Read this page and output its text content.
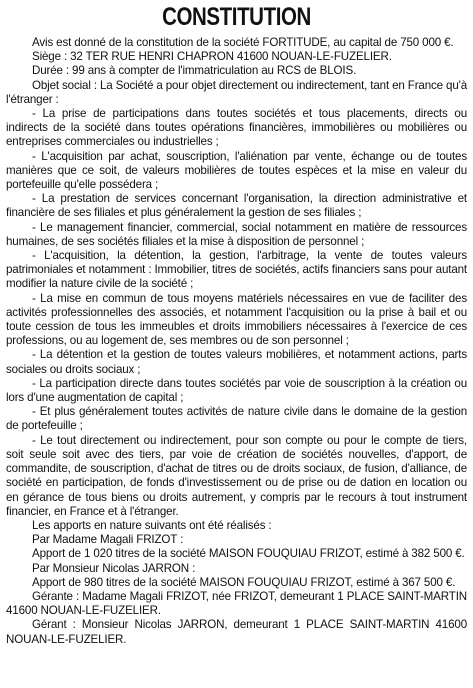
CONSTITUTION

Avis est donné de la constitution de la société FORTITUDE, au capital de 750 000 €.

Siège : 32 TER RUE HENRI CHAPRON 41600 NOUAN-LE-FUZELIER.

Durée : 99 ans à compter de l'immatriculation au RCS de BLOIS.

Objet social : La Société a pour objet directement ou indirectement, tant en France qu'à l'étranger :

- La prise de participations dans toutes sociétés et tous placements, directs ou indirects de la société dans toutes opérations financières, immobilières ou mobilières ou entreprises commerciales ou industrielles ;

- L'acquisition par achat, souscription, l'aliénation par vente, échange ou de toutes manières que ce soit, de valeurs mobilières de toutes espèces et la mise en valeur du portefeuille qu'elle possédera ;

- La prestation de services concernant l'organisation, la direction administrative et financière de ses filiales et plus généralement la gestion de ses filiales ;

- Le management financier, commercial, social notamment en matière de ressources humaines, de ses sociétés filiales et la mise à disposition de personnel ;

- L'acquisition, la détention, la gestion, l'arbitrage, la vente de toutes valeurs patrimoniales et notamment : Immobilier, titres de sociétés, actifs financiers sans pour autant modifier la nature civile de la société ;

- La mise en commun de tous moyens matériels nécessaires en vue de faciliter des activités professionnelles des associés, et notamment l'acquisition ou la prise à bail et ou toute cession de tous les immeubles et droits immobiliers nécessaires à l'exercice de ces professions, ou au logement de, ses membres ou de son personnel ;

- La détention et la gestion de toutes valeurs mobilières, et notamment actions, parts sociales ou droits sociaux ;

- La participation directe dans toutes sociétés par voie de souscription à la création ou lors d'une augmentation de capital ;

- Et plus généralement toutes activités de nature civile dans le domaine de la gestion de portefeuille ;

- Le tout directement ou indirectement, pour son compte ou pour le compte de tiers, soit seule soit avec des tiers, par voie de création de sociétés nouvelles, d'apport, de commandite, de souscription, d'achat de titres ou de droits sociaux, de fusion, d'alliance, de société en participation, de fonds d'investissement ou de prise ou de dation en location ou en gérance de tous biens ou droits autrement, y compris par le recours à tout instrument financier, en France et à l'étranger.

Les apports en nature suivants ont été réalisés :

Par Madame Magali FRIZOT :

Apport de 1 020 titres de la société MAISON FOUQUIAU FRIZOT, estimé à 382 500 €.

Par Monsieur Nicolas JARRON :

Apport de 980 titres de la société MAISON FOUQUIAU FRIZOT, estimé à 367 500 €.

Gérante : Madame Magali FRIZOT, née FRIZOT, demeurant 1 PLACE SAINT-MARTIN 41600 NOUAN-LE-FUZELIER.

Gérant : Monsieur Nicolas JARRON, demeurant 1 PLACE SAINT-MARTIN 41600 NOUAN-LE-FUZELIER.
